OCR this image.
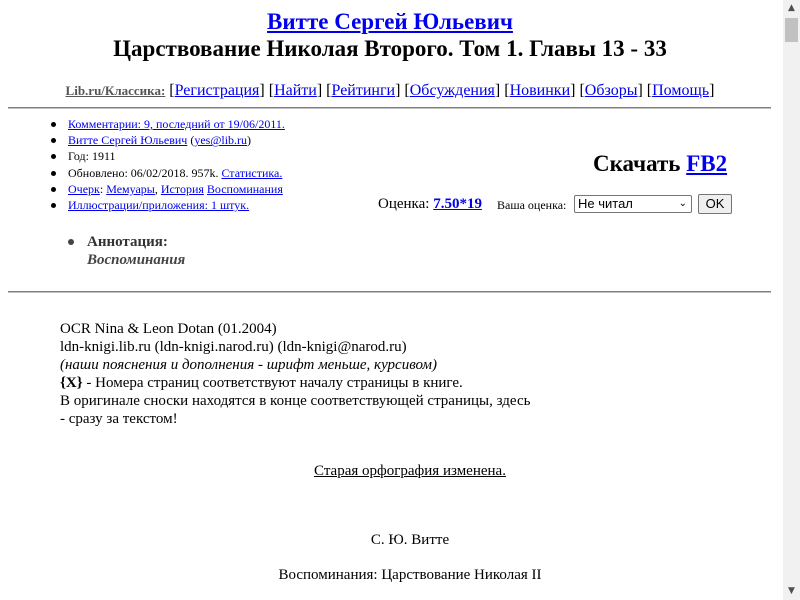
Витте Сергей Юльевич
Царствование Николая Второго. Том 1. Главы 13 - 33
Lib.ru/Классика: [Регистрация] [Найти] [Рейтинги] [Обсуждения] [Новинки] [Обзоры] [Помощь]
Комментарии: 9, последний от 19/06/2011.
Витте Сергей Юльевич (yes@lib.ru)
Год: 1911
Обновлено: 06/02/2018. 957k. Статистика.
Очерк: Мемуары, История Воспоминания
Иллюстрации/приложения: 1 штук.
Аннотация:
Воспоминания
Скачать FB2
Оценка: 7.50*19 Ваша оценка: Не читал	⌄	OK
OCR Nina & Leon Dotan (01.2004)
ldn-knigi.lib.ru (ldn-knigi.narod.ru) (ldn-knigi@narod.ru)
(наши пояснения и дополнения - шрифт меньше, курсивом)
{X} - Номера страниц соответствуют началу страницы в книге.
В оригинале сноски находятся в конце соответствующей страницы, здесь
- сразу за текстом!
Старая орфография изменена.
С. Ю. Витте
Воспоминания: Царствование Николая II
▲
▼
